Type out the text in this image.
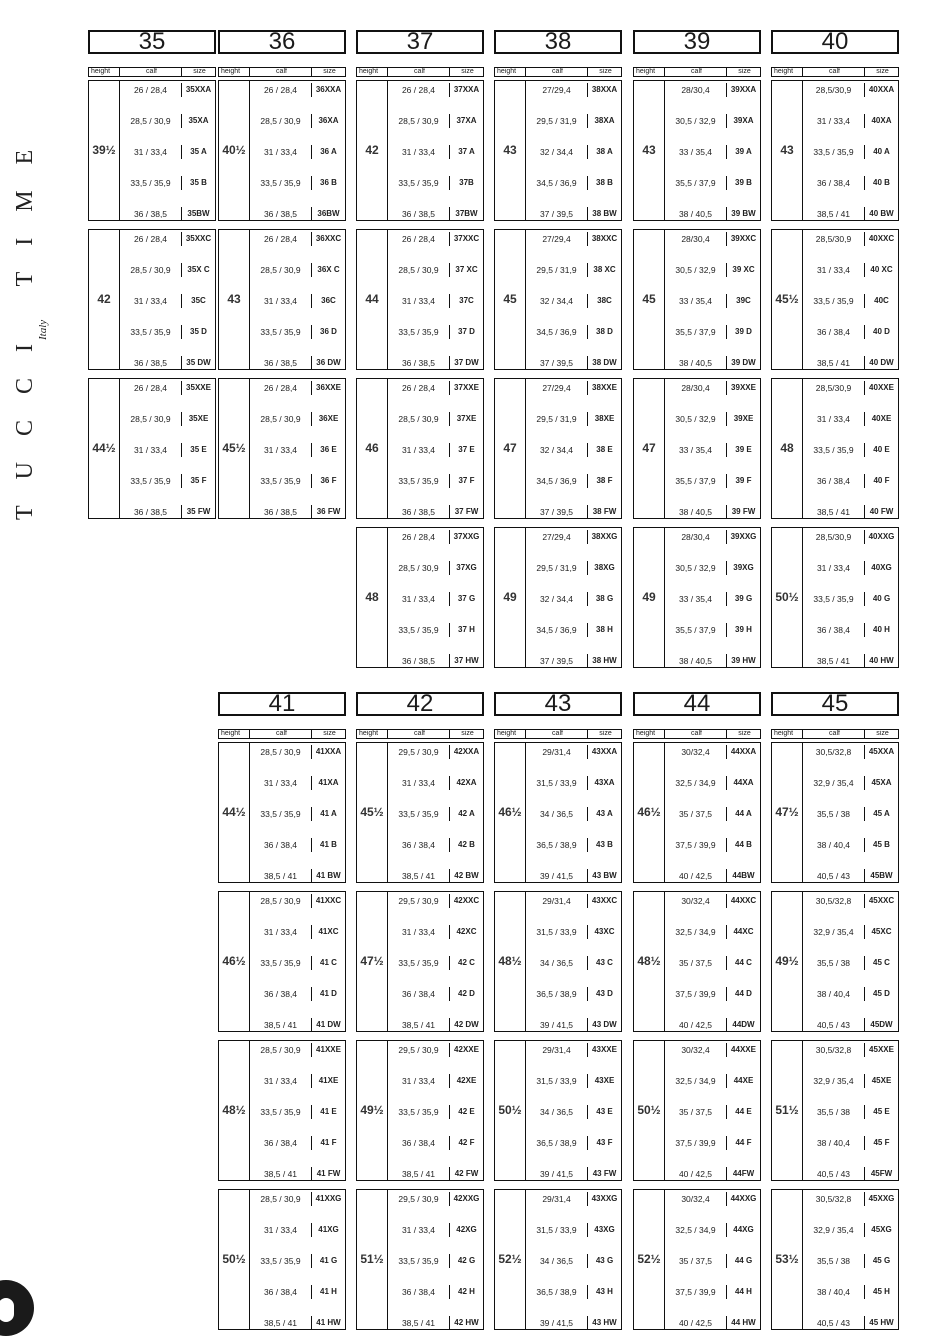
TUCCI TIME Italy
35
height	calf	size
39½
26 / 28,4	35XXA
28,5 / 30,9	35XA
31 / 33,4	35 A
33,5 / 35,9	35 B
36 / 38,5	35BW
42
26 / 28,4	35XXC
28,5 / 30,9	35X C
31 / 33,4	35C
33,5 / 35,9	35 D
36 / 38,5	35 DW
44½
26 / 28,4	35XXE
28,5 / 30,9	35XE
31 / 33,4	35 E
33,5 / 35,9	35 F
36 / 38,5	35 FW
36
height	calf	size
40½
26 / 28,4	36XXA
28,5 / 30,9	36XA
31 / 33,4	36 A
33,5 / 35,9	36 B
36 / 38,5	36BW
43
26 / 28,4	36XXC
28,5 / 30,9	36X C
31 / 33,4	36C
33,5 / 35,9	36 D
36 / 38,5	36 DW
45½
26 / 28,4	36XXE
28,5 / 30,9	36XE
31 / 33,4	36 E
33,5 / 35,9	36 F
36 / 38,5	36 FW
37
height	calf	size
42
26 / 28,4	37XXA
28,5 / 30,9	37XA
31 / 33,4	37 A
33,5 / 35,9	37B
36 / 38,5	37BW
44
26 / 28,4	37XXC
28,5 / 30,9	37 XC
31 / 33,4	37C
33,5 / 35,9	37 D
36 / 38,5	37 DW
46
26 / 28,4	37XXE
28,5 / 30,9	37XE
31 / 33,4	37 E
33,5 / 35,9	37 F
36 / 38,5	37 FW
48
26 / 28,4	37XXG
28,5 / 30,9	37XG
31 / 33,4	37 G
33,5 / 35,9	37 H
36 / 38,5	37 HW
38
height	calf	size
43
27/29,4	38XXA
29,5 / 31,9	38XA
32 / 34,4	38 A
34,5 / 36,9	38 B
37 / 39,5	38 BW
45
27/29,4	38XXC
29,5 / 31,9	38 XC
32 / 34,4	38C
34,5 / 36,9	38 D
37 / 39,5	38 DW
47
27/29,4	38XXE
29,5 / 31,9	38XE
32 / 34,4	38 E
34,5 / 36,9	38 F
37 / 39,5	38 FW
49
27/29,4	38XXG
29,5 / 31,9	38XG
32 / 34,4	38 G
34,5 / 36,9	38 H
37 / 39,5	38 HW
39
height	calf	size
43
28/30,4	39XXA
30,5 / 32,9	39XA
33 / 35,4	39 A
35,5 / 37,9	39 B
38 / 40,5	39 BW
45
28/30,4	39XXC
30,5 / 32,9	39 XC
33 / 35,4	39C
35,5 / 37,9	39 D
38 / 40,5	39 DW
47
28/30,4	39XXE
30,5 / 32,9	39XE
33 / 35,4	39 E
35,5 / 37,9	39 F
38 / 40,5	39 FW
49
28/30,4	39XXG
30,5 / 32,9	39XG
33 / 35,4	39 G
35,5 / 37,9	39 H
38 / 40,5	39 HW
40
height	calf	size
43
28,5/30,9	40XXA
31 / 33,4	40XA
33,5 / 35,9	40 A
36 / 38,4	40 B
38,5 / 41	40 BW
45½
28,5/30,9	40XXC
31 / 33,4	40 XC
33,5 / 35,9	40C
36 / 38,4	40 D
38,5 / 41	40 DW
48
28,5/30,9	40XXE
31 / 33,4	40XE
33,5 / 35,9	40 E
36 / 38,4	40 F
38,5 / 41	40 FW
50½
28,5/30,9	40XXG
31 / 33,4	40XG
33,5 / 35,9	40 G
36 / 38,4	40 H
38,5 / 41	40 HW
41
height	calf	size
44½
28,5 / 30,9	41XXA
31 / 33,4	41XA
33,5 / 35,9	41 A
36 / 38,4	41 B
38,5 / 41	41 BW
46½
28,5 / 30,9	41XXC
31 / 33,4	41XC
33,5 / 35,9	41 C
36 / 38,4	41 D
38,5 / 41	41 DW
48½
28,5 / 30,9	41XXE
31 / 33,4	41XE
33,5 / 35,9	41 E
36 / 38,4	41 F
38,5 / 41	41 FW
50½
28,5 / 30,9	41XXG
31 / 33,4	41XG
33,5 / 35,9	41 G
36 / 38,4	41 H
38,5 / 41	41 HW
42
height	calf	size
45½
29,5 / 30,9	42XXA
31 / 33,4	42XA
33,5 / 35,9	42 A
36 / 38,4	42 B
38,5 / 41	42 BW
47½
29,5 / 30,9	42XXC
31 / 33,4	42XC
33,5 / 35,9	42 C
36 / 38,4	42 D
38,5 / 41	42 DW
49½
29,5 / 30,9	42XXE
31 / 33,4	42XE
33,5 / 35,9	42 E
36 / 38,4	42 F
38,5 / 41	42 FW
51½
29,5 / 30,9	42XXG
31 / 33,4	42XG
33,5 / 35,9	42 G
36 / 38,4	42 H
38,5 / 41	42 HW
43
height	calf	size
46½
29/31,4	43XXA
31,5 / 33,9	43XA
34 / 36,5	43 A
36,5 / 38,9	43 B
39 / 41,5	43 BW
48½
29/31,4	43XXC
31,5 / 33,9	43XC
34 / 36,5	43 C
36,5 / 38,9	43 D
39 / 41,5	43 DW
50½
29/31,4	43XXE
31,5 / 33,9	43XE
34 / 36,5	43 E
36,5 / 38,9	43 F
39 / 41,5	43 FW
52½
29/31,4	43XXG
31,5 / 33,9	43XG
34 / 36,5	43 G
36,5 / 38,9	43 H
39 / 41,5	43 HW
44
height	calf	size
46½
30/32,4	44XXA
32,5 / 34,9	44XA
35 / 37,5	44 A
37,5 / 39,9	44 B
40 / 42,5	44BW
48½
30/32,4	44XXC
32,5 / 34,9	44XC
35 / 37,5	44 C
37,5 / 39,9	44 D
40 / 42,5	44DW
50½
30/32,4	44XXE
32,5 / 34,9	44XE
35 / 37,5	44 E
37,5 / 39,9	44 F
40 / 42,5	44FW
52½
30/32,4	44XXG
32,5 / 34,9	44XG
35 / 37,5	44 G
37,5 / 39,9	44 H
40 / 42,5	44 HW
45
height	calf	size
47½
30,5/32,8	45XXA
32,9 / 35,4	45XA
35,5 / 38	45 A
38 / 40,4	45 B
40,5 / 43	45BW
49½
30,5/32,8	45XXC
32,9 / 35,4	45XC
35,5 / 38	45 C
38 / 40,4	45 D
40,5 / 43	45DW
51½
30,5/32,8	45XXE
32,9 / 35,4	45XE
35,5 / 38	45 E
38 / 40,4	45 F
40,5 / 43	45FW
53½
30,5/32,8	45XXG
32,9 / 35,4	45XG
35,5 / 38	45 G
38 / 40,4	45 H
40,5 / 43	45 HW
